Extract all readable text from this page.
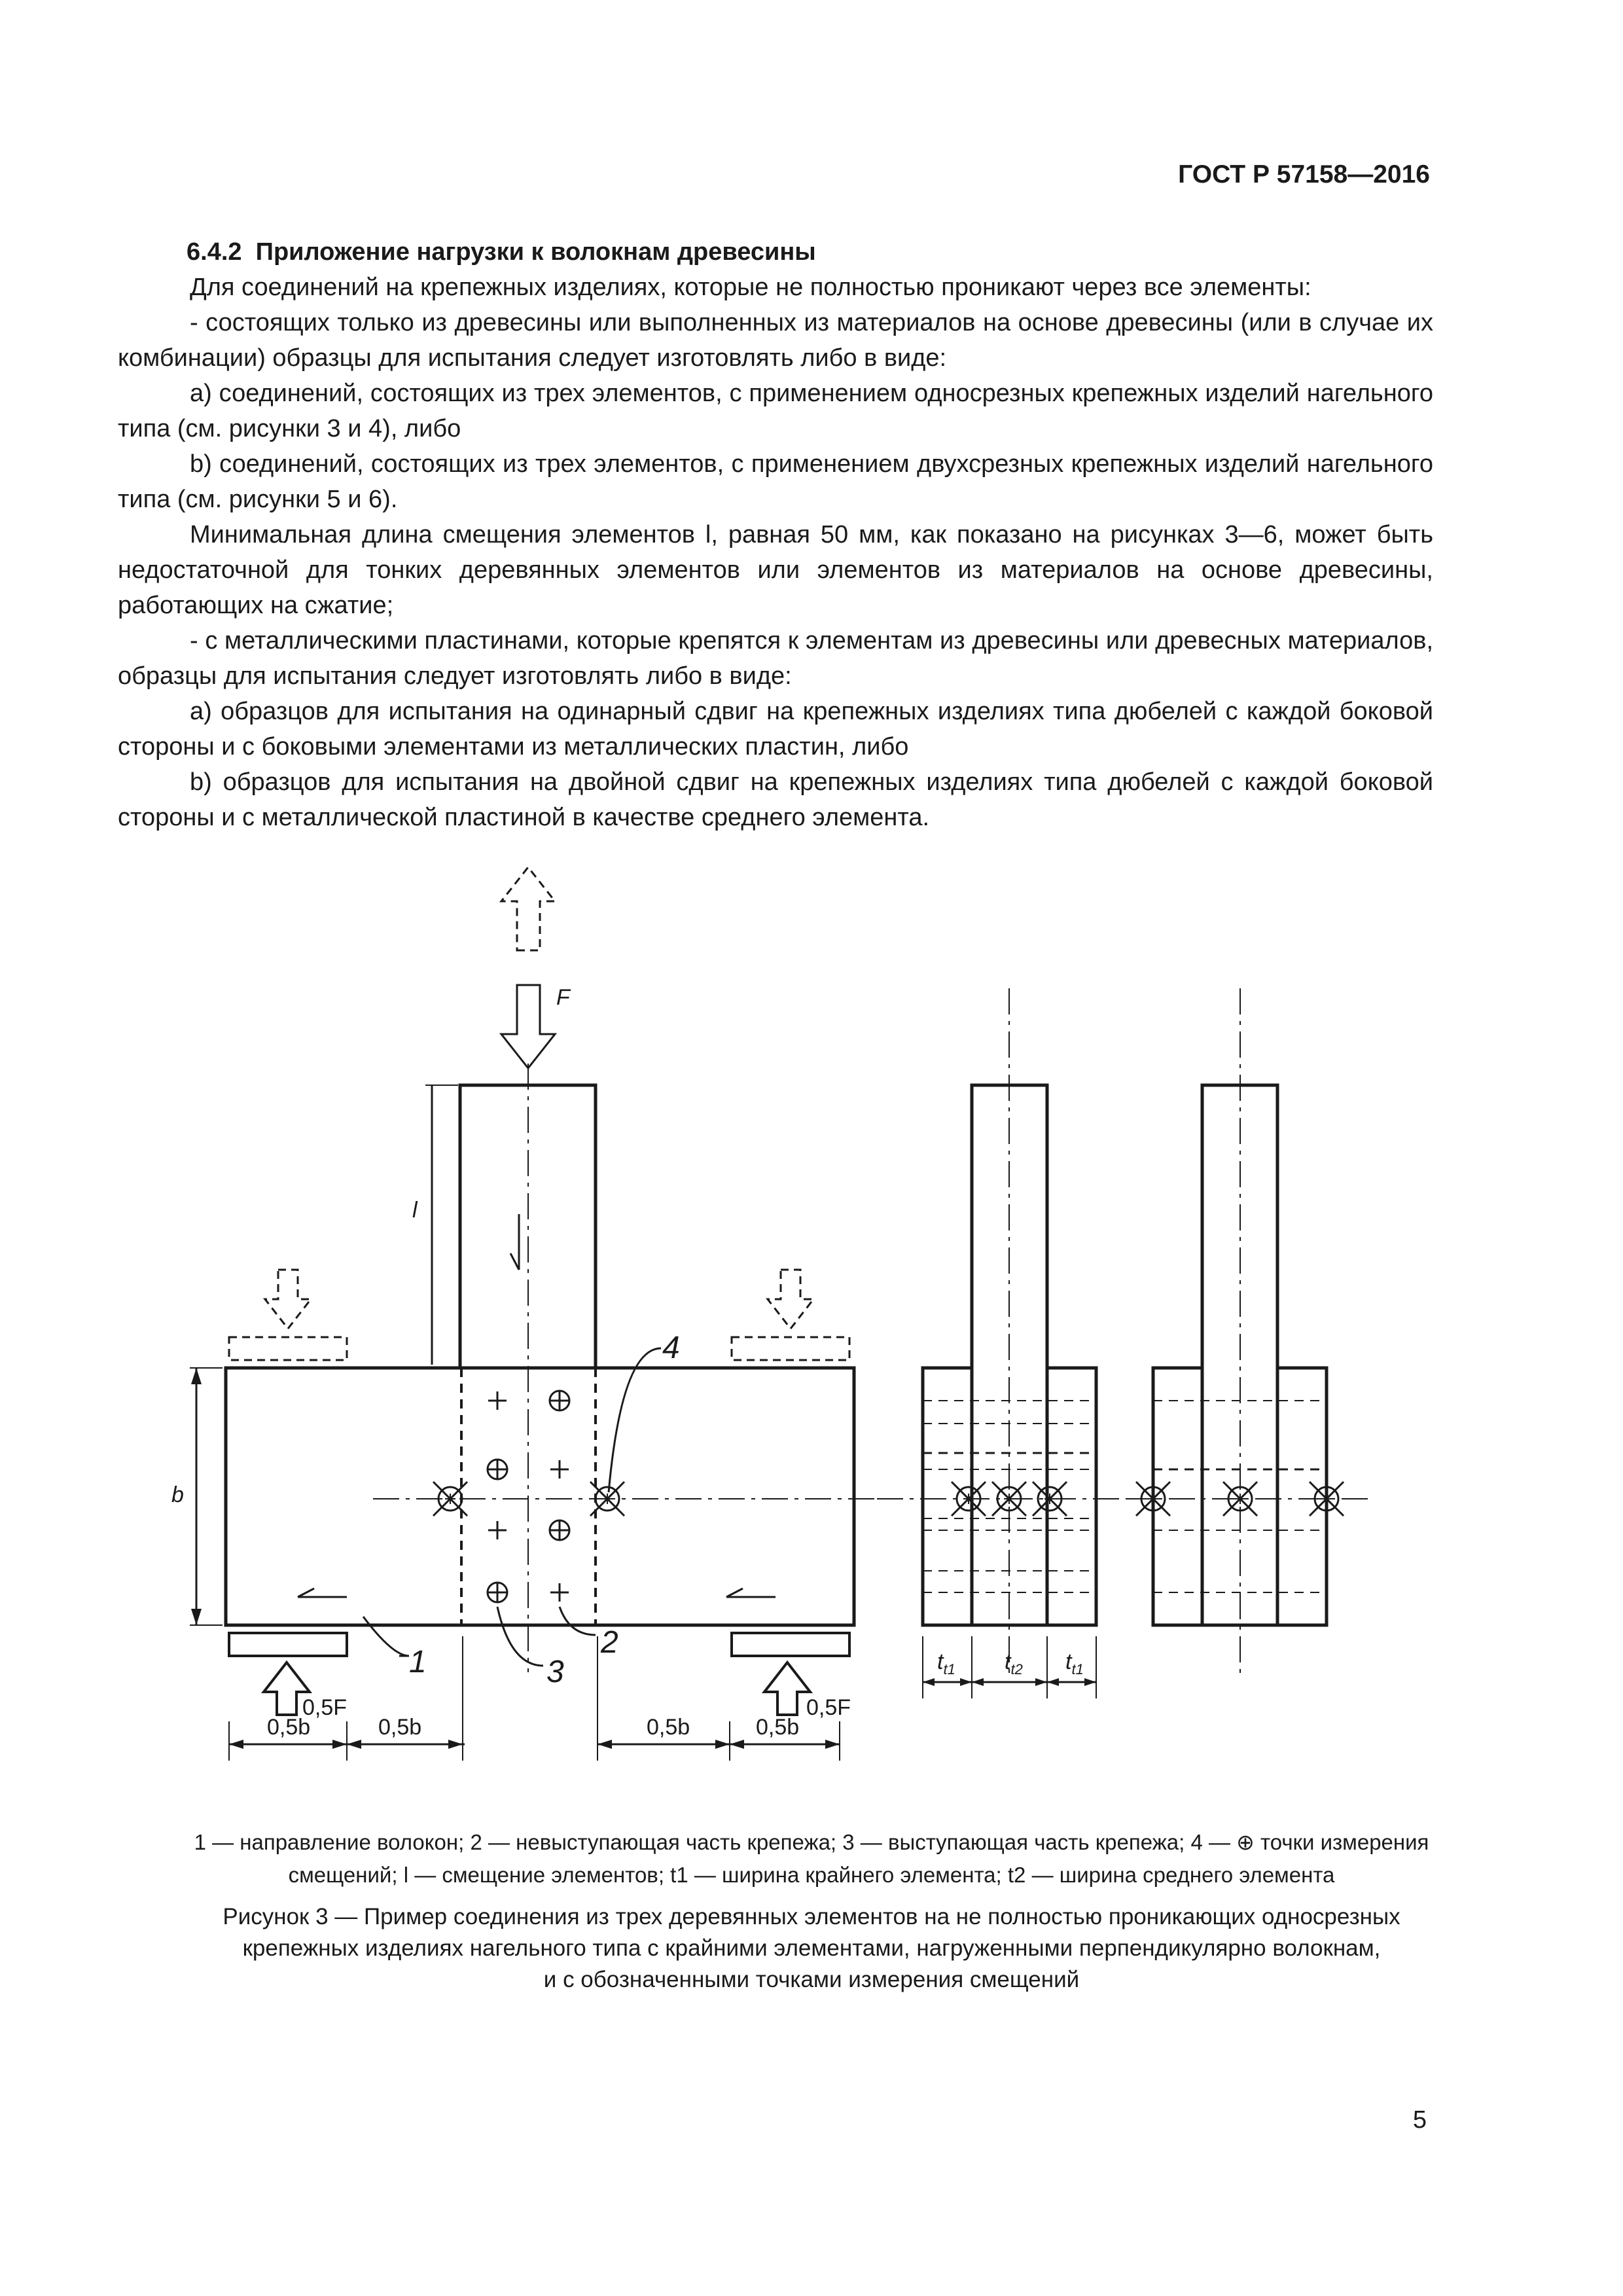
ГОСТ Р 57158—2016

6.4.2 Приложение нагрузки к волокнам древесины

Для соединений на крепежных изделиях, которые не полностью проникают через все элементы:

- состоящих только из древесины или выполненных из материалов на основе древесины (или в случае их комбинации) образцы для испытания следует изготовлять либо в виде:

а) соединений, состоящих из трех элементов, с применением односрезных крепежных изделий нагельного типа (см. рисунки 3 и 4), либо

b) соединений, состоящих из трех элементов, с применением двухсрезных крепежных изделий нагельного типа (см. рисунки 5 и 6).

Минимальная длина смещения элементов l, равная 50 мм, как показано на рисунках 3—6, может быть недостаточной для тонких деревянных элементов или элементов из материалов на основе древесины, работающих на сжатие;

- с металлическими пластинами, которые крепятся к элементам из древесины или древесных материалов, образцы для испытания следует изготовлять либо в виде:

а) образцов для испытания на одинарный сдвиг на крепежных изделиях типа дюбелей с каждой боковой стороны и с боковыми элементами из металлических пластин, либо

b) образцов для испытания на двойной сдвиг на крепежных изделиях типа дюбелей с каждой боковой стороны и с металлической пластиной в качестве среднего элемента.

F
0,5F	0,5F
l
b
0,5b	0,5b	0,5b	0,5b
1	3
2
4
$t_{t1}$ $t_{t2}$ $t_{t1}$
1 — направление волокон; 2 — невыступающая часть крепежа; 3 — выступающая часть крепежа; 4 — ⊕ точки измерения
смещений; l — смещение элементов; t1 — ширина крайнего элемента; t2 — ширина среднего элемента
Рисунок 3 — Пример соединения из трех деревянных элементов на не полностью проникающих односрезных
крепежных изделиях нагельного типа с крайними элементами, нагруженными перпендикулярно волокнам,
и с обозначенными точками измерения смещений
5
